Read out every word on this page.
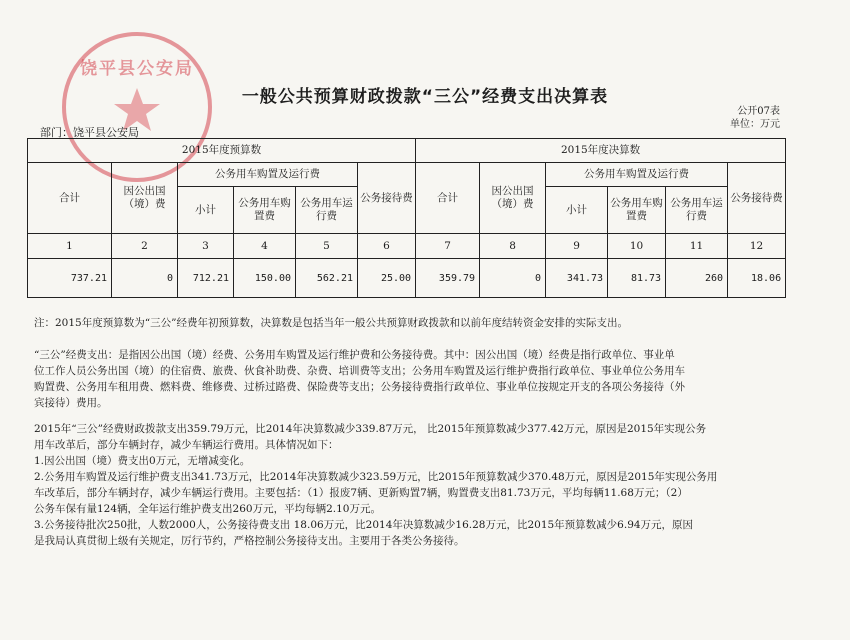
饶平县公安局
一般公共预算财政拨款“三公”经费支出决算表
公开07表
单位：万元
部门：饶平县公安局
2015年度预算数						2015年度决算数					
合计	因公出国（境）费	公务用车购置及运行费			公务接待费	合计	因公出国（境）费	公务用车购置及运行费			公务接待费
		小计	公务用车购置费	公务用车运行费				小计	公务用车购置费	公务用车运行费	
1	2	3	4	5	6	7	8	9	10	11	12
737.21	0	712.21	150.00	562.21	25.00	359.79	0	341.73	81.73	260	18.06
注：2015年度预算数为“三公”经费年初预算数，决算数是包括当年一般公共预算财政拨款和以前年度结转资金安排的实际支出。

“三公”经费支出：是指因公出国（境）经费、公务用车购置及运行维护费和公务接待费。其中：因公出国（境）经费是指行政单位、事业单

位工作人员公务出国（境）的住宿费、旅费、伙食补助费、杂费、培训费等支出；公务用车购置及运行维护费指行政单位、事业单位公务用车

购置费、公务用车租用费、燃料费、维修费、过桥过路费、保险费等支出；公务接待费指行政单位、事业单位按规定开支的各项公务接待（外

宾接待）费用。

2015年“三公”经费财政拨款支出359.79万元，比2014年决算数减少339.87万元， 比2015年预算数减少377.42万元，原因是2015年实现公务

用车改革后，部分车辆封存，减少车辆运行费用。具体情况如下：

1.因公出国（境）费支出0万元，无增减变化。

2.公务用车购置及运行维护费支出341.73万元，比2014年决算数减少323.59万元，比2015年预算数减少370.48万元，原因是2015年实现公务用

车改革后，部分车辆封存，减少车辆运行费用。主要包括：（1）报废7辆、更新购置7辆，购置费支出81.73万元，平均每辆11.68万元；（2）

公务车保有量124辆，全年运行维护费支出260万元，平均每辆2.10万元。

3.公务接待批次250批，人数2000人，公务接待费支出 18.06万元，比2014年决算数减少16.28万元，比2015年预算数减少6.94万元，原因

是我局认真贯彻上级有关规定，厉行节约，严格控制公务接待支出。主要用于各类公务接待。
